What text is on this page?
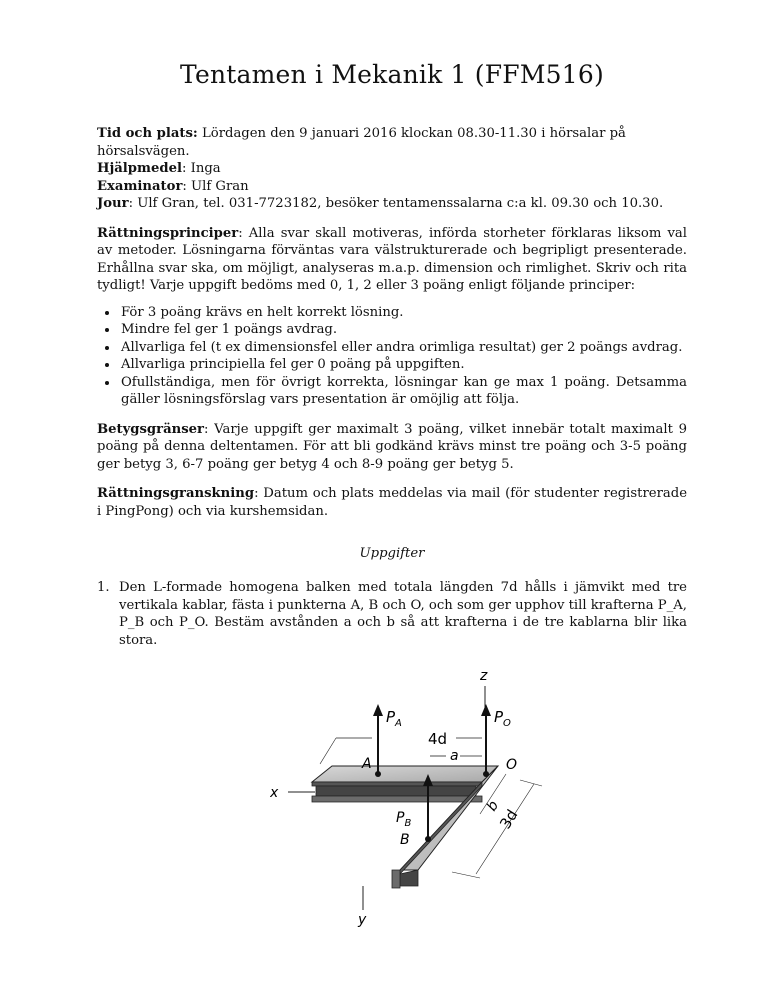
Tentamen i Mekanik 1 (FFM516)

Tid och plats: Lördagen den 9 januari 2016 klockan 08.30-11.30 i hörsalar på hörsalsvägen.

Hjälpmedel: Inga

Examinator: Ulf Gran

Jour: Ulf Gran, tel. 031-7723182, besöker tentamenssalarna c:a kl. 09.30 och 10.30.

Rättningsprinciper: Alla svar skall motiveras, införda storheter förklaras liksom val av metoder. Lösningarna förväntas vara välstrukturerade och begripligt presenterade. Erhållna svar ska, om möjligt, analyseras m.a.p. dimension och rimlighet. Skriv och rita tydligt! Varje uppgift bedöms med 0, 1, 2 eller 3 poäng enligt följande principer:

• För 3 poäng krävs en helt korrekt lösning.
• Mindre fel ger 1 poängs avdrag.
• Allvarliga fel (t ex dimensionsfel eller andra orimliga resultat) ger 2 poängs avdrag.
• Allvarliga principiella fel ger 0 poäng på uppgiften.
• Ofullständiga, men för övrigt korrekta, lösningar kan ge max 1 poäng. Detsamma gäller lösningsförslag vars presentation är omöjlig att följa.

Betygsgränser: Varje uppgift ger maximalt 3 poäng, vilket innebär totalt maximalt 9 poäng på denna deltentamen. För att bli godkänd krävs minst tre poäng och 3-5 poäng ger betyg 3, 6-7 poäng ger betyg 4 och 8-9 poäng ger betyg 5.

Rättningsgranskning: Datum och plats meddelas via mail (för studenter registrerade i PingPong) och via kurshemsidan.

Uppgifter

1. Den L-formade homogena balken med totala längden 7d hålls i jämvikt med tre vertikala kablar, fästa i punkterna A, B och O, och som ger upphov till krafterna P_A, P_B och P_O. Bestäm avstånden a och b så att krafterna i de tre kablarna blir lika stora.
z
x
y
$P_A$
A
$P_O$
O
$P_B$
B
4d
a
b
3d
